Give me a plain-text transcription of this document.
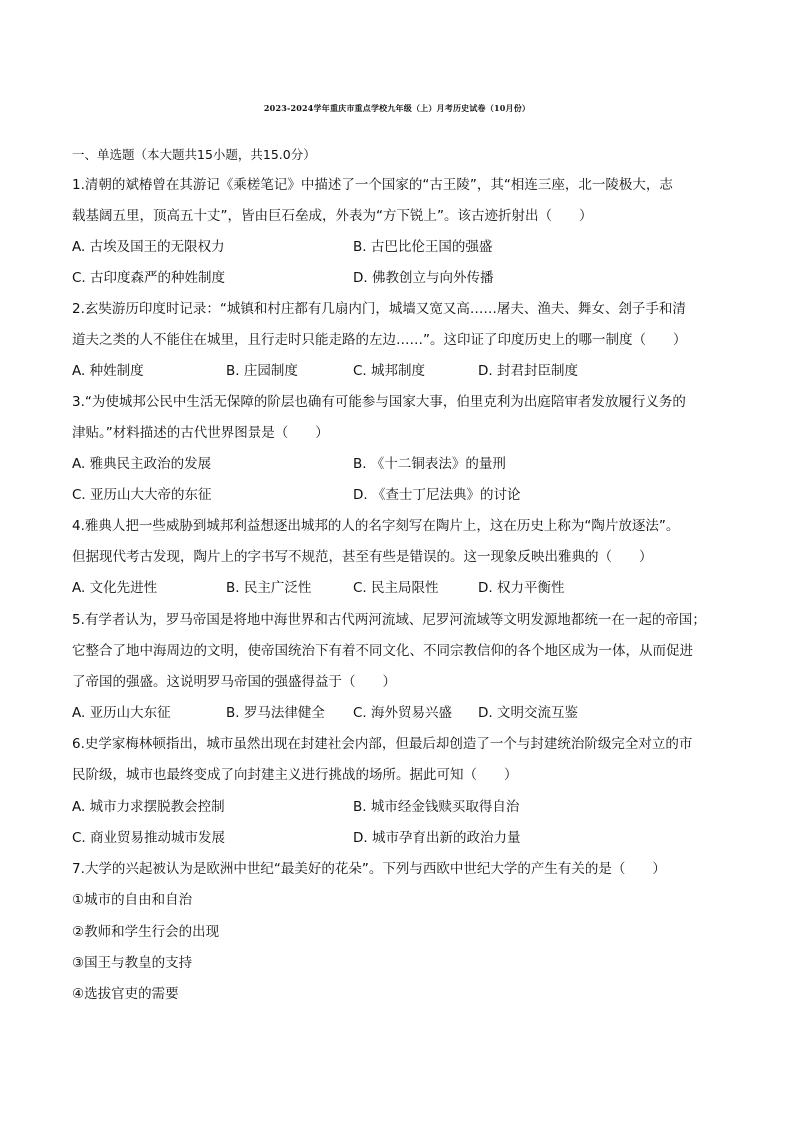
2023-2024学年重庆市重点学校九年级（上）月考历史试卷（10月份）
一、单选题（本大题共15小题，共15.0分）
1.清朝的斌椿曾在其游记《乘槎笔记》中描述了一个国家的“古王陵”，其“相连三座，北一陵极大，志
载基阔五里，顶高五十丈”，皆由巨石垒成，外表为“方下锐上”。该古迹折射出（　　）
A. 古埃及国王的无限权力	B. 古巴比伦王国的强盛
C. 古印度森严的种姓制度	D. 佛教创立与向外传播
2.玄奘游历印度时记录：“城镇和村庄都有几扇内门，城墙又宽又高……屠夫、渔夫、舞女、刽子手和清
道夫之类的人不能住在城里，且行走时只能走路的左边……”。这印证了印度历史上的哪一制度（　　）
A. 种姓制度	B. 庄园制度	C. 城邦制度	D. 封君封臣制度
3.“为使城邦公民中生活无保障的阶层也确有可能参与国家大事，伯里克利为出庭陪审者发放履行义务的
津贴。”材料描述的古代世界图景是（　　）
A. 雅典民主政治的发展	B. 《十二铜表法》的量刑
C. 亚历山大大帝的东征	D. 《查士丁尼法典》的讨论
4.雅典人把一些威胁到城邦利益想逐出城邦的人的名字刻写在陶片上，这在历史上称为“陶片放逐法”。
但据现代考古发现，陶片上的字书写不规范，甚至有些是错误的。这一现象反映出雅典的（　　）
A. 文化先进性	B. 民主广泛性	C. 民主局限性	D. 权力平衡性
5.有学者认为，罗马帝国是将地中海世界和古代两河流域、尼罗河流域等文明发源地都统一在一起的帝国；
它整合了地中海周边的文明，使帝国统治下有着不同文化、不同宗教信仰的各个地区成为一体，从而促进
了帝国的强盛。这说明罗马帝国的强盛得益于（　　）
A. 亚历山大东征	B. 罗马法律健全 C. 海外贸易兴盛 D. 文明交流互鉴
6.史学家梅林顿指出，城市虽然出现在封建社会内部，但最后却创造了一个与封建统治阶级完全对立的市
民阶级，城市也最终变成了向封建主义进行挑战的场所。据此可知（　　）
A. 城市力求摆脱教会控制	B. 城市经金钱赎买取得自治
C. 商业贸易推动城市发展	D. 城市孕育出新的政治力量
7.大学的兴起被认为是欧洲中世纪“最美好的花朵”。下列与西欧中世纪大学的产生有关的是（　　）
①城市的自由和自治
②教师和学生行会的出现
③国王与教皇的支持
④选拔官吏的需要
